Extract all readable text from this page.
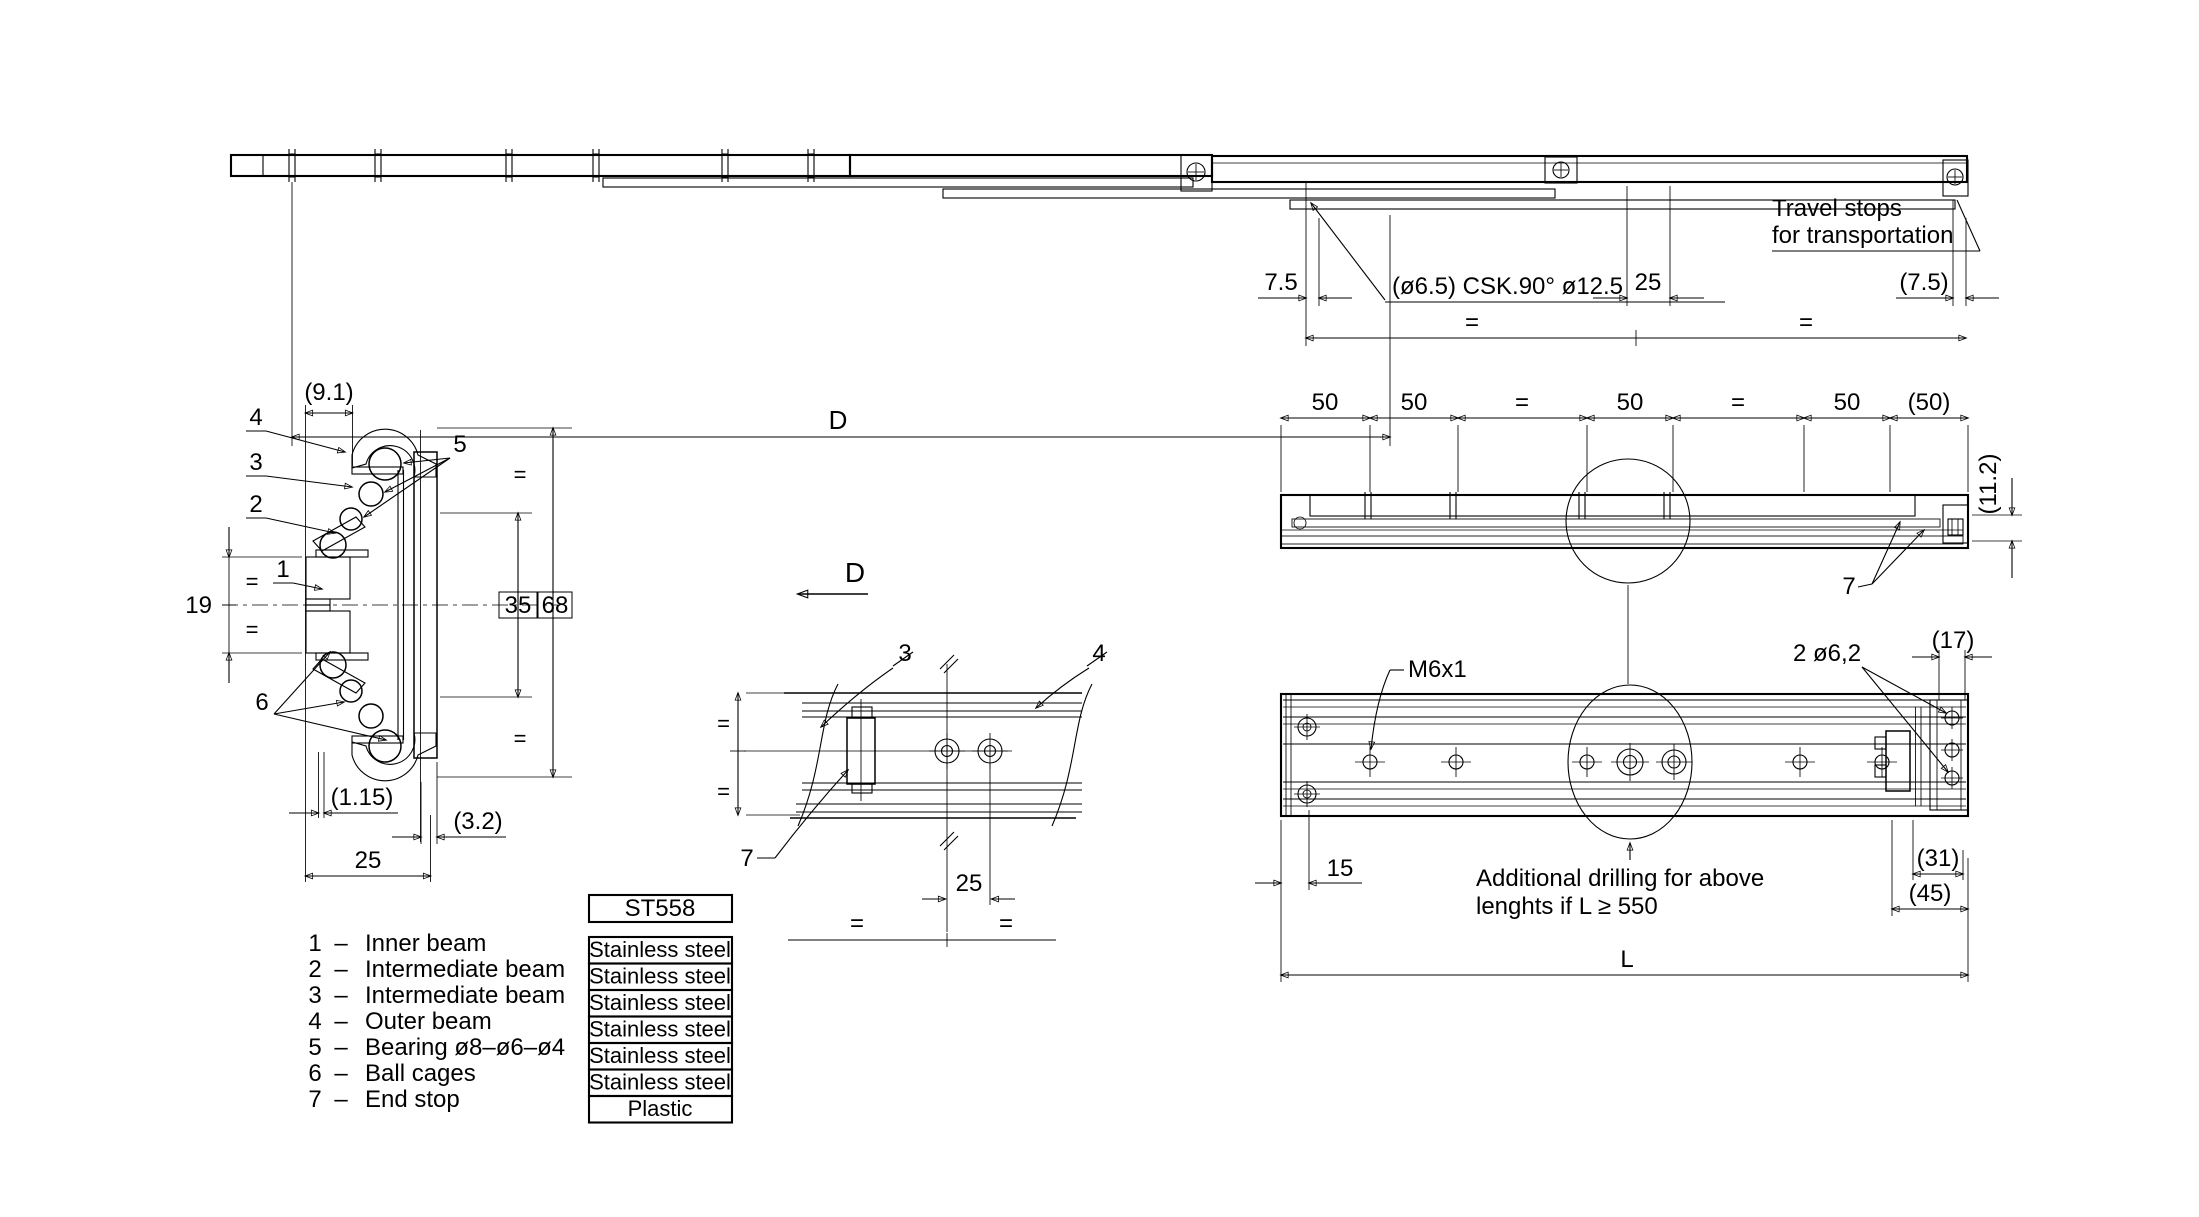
(ø6.5) CSK.90° ø12.5
Travel stops
for transportation
7.5	25	(7.5)
=	=
D
=
=
19	35 68
=
=
(9.1)
(1.15)
(3.2)
25
4
3
2
1
5
6
D
25
=	=
=
=
3	4
7
50	50	=	50	=	50 (50)
(11.2)
7
M6x1
2 ø6,2
Additional drilling for above
lenghts if L ≥ 550
(17)
15	(31)
(45)
L
1 – Inner beam
2 – Intermediate beam
3 – Intermediate beam
4 – Outer beam
5 – Bearing ø8–ø6–ø4
6 – Ball cages
7 – End stop
ST558
Stainless steel
Stainless steel
Stainless steel
Stainless steel
Stainless steel
Stainless steel
Plastic
